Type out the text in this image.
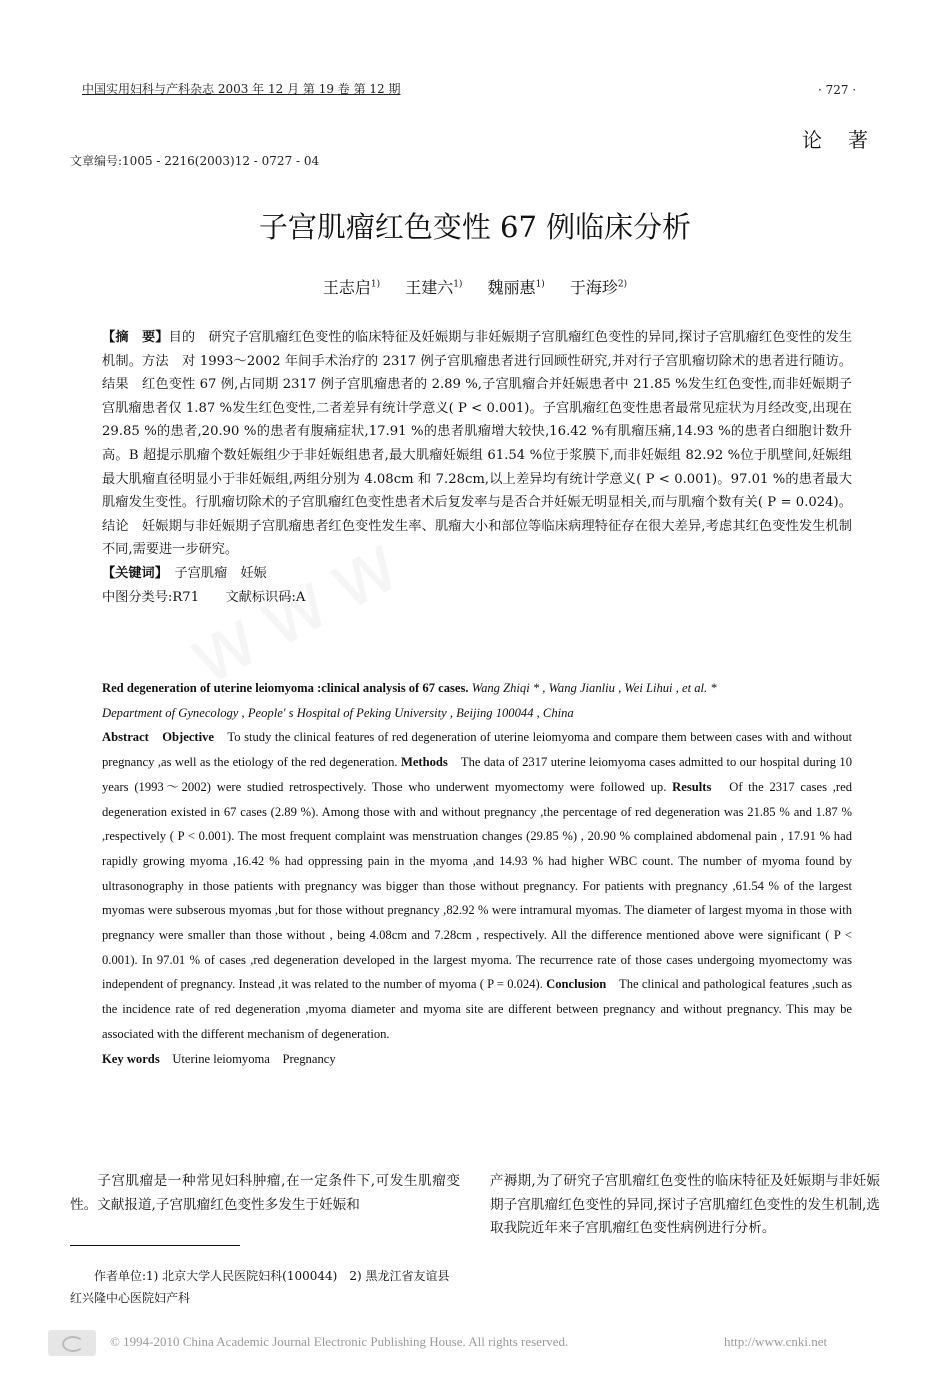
中国实用妇科与产科杂志 2003 年 12 月 第 19 卷 第 12 期	· 727 ·
论著
文章编号:1005 - 2216(2003)12 - 0727 - 04
子宫肌瘤红色变性 67 例临床分析
王志启$^{1)}$ 王建六$^{1)}$ 魏丽惠$^{1)}$ 于海珍$^{2)}$

【摘　要】目的　研究子宫肌瘤红色变性的临床特征及妊娠期与非妊娠期子宫肌瘤红色变性的异同,探讨子宫肌瘤红色变性的发生机制。方法　对 1993～2002 年间手术治疗的 2317 例子宫肌瘤患者进行回顾性研究,并对行子宫肌瘤切除术的患者进行随访。结果　红色变性 67 例,占同期 2317 例子宫肌瘤患者的 2.89 %,子宫肌瘤合并妊娠患者中 21.85 %发生红色变性,而非妊娠期子宫肌瘤患者仅 1.87 %发生红色变性,二者差异有统计学意义( P < 0.001)。子宫肌瘤红色变性患者最常见症状为月经改变,出现在 29.85 %的患者,20.90 %的患者有腹痛症状,17.91 %的患者肌瘤增大较快,16.42 %有肌瘤压痛,14.93 %的患者白细胞计数升高。B 超提示肌瘤个数妊娠组少于非妊娠组患者,最大肌瘤妊娠组 61.54 %位于浆膜下,而非妊娠组 82.92 %位于肌壁间,妊娠组最大肌瘤直径明显小于非妊娠组,两组分别为 4.08cm 和 7.28cm,以上差异均有统计学意义( P < 0.001)。97.01 %的患者最大肌瘤发生变性。行肌瘤切除术的子宫肌瘤红色变性患者术后复发率与是否合并妊娠无明显相关,而与肌瘤个数有关( P = 0.024)。结论　妊娠期与非妊娠期子宫肌瘤患者红色变性发生率、肌瘤大小和部位等临床病理特征存在很大差异,考虑其红色变性发生机制不同,需要进一步研究。

【关键词】　 子宫肌瘤　妊娠

中图分类号:R71　　文献标识码:A

Red degeneration of uterine leiomyoma :clinical analysis of 67 cases. Wang Zhiqi * , Wang Jianliu , Wei Lihui , et al. *

Department of Gynecology , People' s Hospital of Peking University , Beijing 100044 , China

Abstract　Objective　 To study the clinical features of red degeneration of uterine leiomyoma and compare them between cases with and without pregnancy ,as well as the etiology of the red degeneration. Methods　 The data of 2317 uterine leiomyoma cases admitted to our hospital during 10 years (1993～2002) were studied retrospectively. Those who underwent myomectomy were followed up. Results　 Of the 2317 cases ,red degeneration existed in 67 cases (2.89 %). Among those with and without pregnancy ,the percentage of red degeneration was 21.85 % and 1.87 % ,respectively ( P < 0.001). The most frequent complaint was menstruation changes (29.85 %) , 20.90 % complained abdomenal pain , 17.91 % had rapidly growing myoma ,16.42 % had oppressing pain in the myoma ,and 14.93 % had higher WBC count. The number of myoma found by ultrasonography in those patients with pregnancy was bigger than those without pregnancy. For patients with pregnancy ,61.54 % of the largest myomas were subserous myomas ,but for those without pregnancy ,82.92 % were intramural myomas. The diameter of largest myoma in those with pregnancy were smaller than those without , being 4.08cm and 7.28cm , respectively. All the difference mentioned above were significant ( P < 0.001). In 97.01 % of cases ,red degeneration developed in the largest myoma. The recurrence rate of those cases undergoing myomectomy was independent of pregnancy. Instead ,it was related to the number of myoma ( P = 0.024). Conclusion　 The clinical and pathological features ,such as the incidence rate of red degeneration ,myoma diameter and myoma site are different between pregnancy and without pregnancy. This may be associated with the different mechanism of degeneration.

Key words　 Uterine leiomyoma　Pregnancy

子宫肌瘤是一种常见妇科肿瘤,在一定条件下,可发生肌瘤变性。文献报道,子宫肌瘤红色变性多发生于妊娠和
产褥期,为了研究子宫肌瘤红色变性的临床特征及妊娠期与非妊娠期子宫肌瘤红色变性的异同,探讨子宫肌瘤红色变性的发生机制,选取我院近年来子宫肌瘤红色变性病例进行分析。
作者单位:1) 北京大学人民医院妇科(100044)　2) 黑龙江省友谊县红兴隆中心医院妇产科
© 1994-2010 China Academic Journal Electronic Publishing House. All rights reserved.	http://www.cnki.net
